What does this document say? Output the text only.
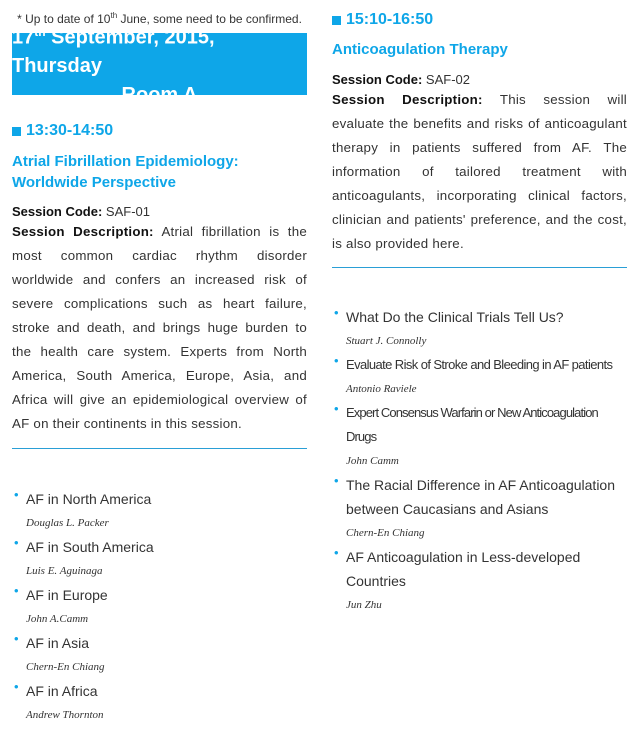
* Up to date of 10th June, some need to be confirmed.
17th September, 2015, Thursday
Room A
13:30-14:50
Atrial Fibrillation Epidemiology: Worldwide Perspective
Session Code: SAF-01
Session Description: Atrial fibrillation is the most common cardiac rhythm disorder worldwide and confers an increased risk of severe complications such as heart failure, stroke and death, and brings huge burden to the health care system. Experts from North America, South America, Europe, Asia, and Africa will give an epidemiological overview of AF on their continents in this session.
• AF in North America
Douglas L. Packer
• AF in South America
Luis E. Aguinaga
• AF in Europe
John A.Camm
• AF in Asia
Chern-En Chiang
• AF in Africa
Andrew Thornton
15:10-16:50
Anticoagulation Therapy
Session Code: SAF-02
Session Description: This session will evaluate the benefits and risks of anticoagulant therapy in patients suffered from AF. The information of tailored treatment with anticoagulants, incorporating clinical factors, clinician and patients' preference, and the cost, is also provided here.
• What Do the Clinical Trials Tell Us?
Stuart J. Connolly
• Evaluate Risk of Stroke and Bleeding in AF patients
Antonio Raviele
• Expert Consensus Warfarin or New Anticoagulation Drugs
John Camm
• The Racial Difference in AF Anticoagulation between Caucasians and Asians
Chern-En Chiang
• AF Anticoagulation in Less-developed Countries
Jun Zhu
